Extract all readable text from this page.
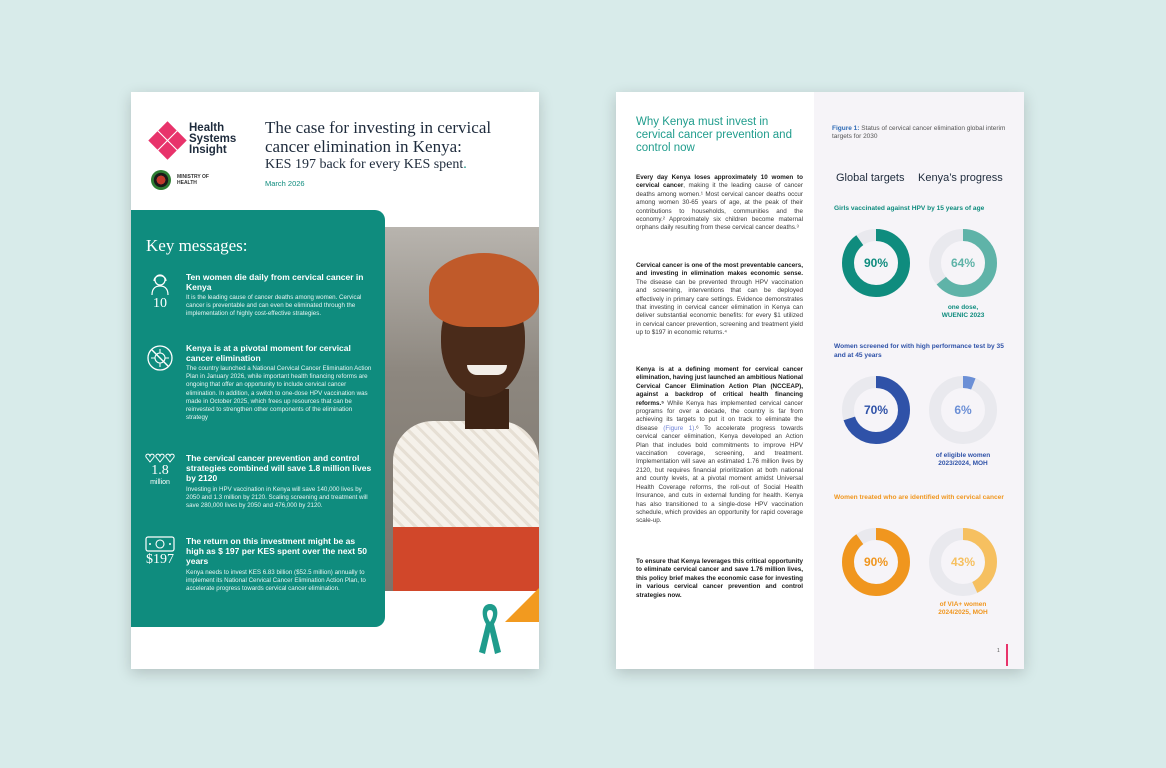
Health
Systems
Insight
MINISTRY OF
HEALTH
The case for investing in cervical cancer elimination in Kenya:
KES 197 back for every KES spent.
March 2026
Key messages:
10
Ten women die daily from cervical cancer in Kenya
It is the leading cause of cancer deaths among women. Cervical cancer is preventable and can even be eliminated through the implementation of highly cost-effective strategies.
Kenya is at a pivotal moment for cervical cancer elimination
The country launched a National Cervical Cancer Elimination Action Plan in January 2026, while important health financing reforms are ongoing that offer an opportunity to include cervical cancer elimination. In addition, a switch to one-dose HPV vaccination was made in October 2025, which frees up resources that can be reinvested to strengthen other components of the elimination strategy
1.8
million
The cervical cancer prevention and control strategies combined will save 1.8 million lives by 2120
Investing in HPV vaccination in Kenya will save 140,000 lives by 2050 and 1.3 million by 2120. Scaling screening and treatment will save 280,000 lives by 2050 and 476,000 by 2120.
$197
The return on this investment might be as high as $ 197 per KES spent over the next 50 years
Kenya needs to invest KES 6.83 billion ($52.5 million) annually to implement its National Cervical Cancer Elimination Action Plan, to accelerate progress towards cervical cancer elimination.
Why Kenya must invest in cervical cancer prevention and control now
Every day Kenya loses approximately 10 women to cervical cancer, making it the leading cause of cancer deaths among women.¹ Most cervical cancer deaths occur among women 30-65 years of age, at the peak of their contributions to households, communities and the economy.² Approximately six children become maternal orphans daily resulting from these cervical cancer deaths.³
Cervical cancer is one of the most preventable cancers, and investing in elimination makes economic sense. The disease can be prevented through HPV vaccination and screening, interventions that can be deployed effectively in primary care settings. Evidence demonstrates that investing in cervical cancer elimination in Kenya can deliver substantial economic benefits: for every $1 utilized in cervical cancer prevention, screening and treatment yield up to $197 in economic returns.⁴
Kenya is at a defining moment for cervical cancer elimination, having just launched an ambitious National Cervical Cancer Elimination Action Plan (NCCEAP), against a backdrop of critical health financing reforms.⁵ While Kenya has implemented cervical cancer programs for over a decade, the country is far from achieving its targets to put it on track to eliminate the disease (Figure 1).⁶ To accelerate progress towards cervical cancer elimination, Kenya developed an Action Plan that includes bold commitments to improve HPV vaccination coverage, screening, and treatment. Implementation will save an estimated 1.76 million lives by 2120, but requires financial prioritization at both national and county levels, at a pivotal moment amidst Universal Health Coverage reforms, the roll-out of Social Health Insurance, and cuts in external funding for health. Kenya has also transitioned to a single-dose HPV vaccination schedule, which provides an opportunity for rapid coverage scale-up.
To ensure that Kenya leverages this critical opportunity to eliminate cervical cancer and save 1.76 million lives, this policy brief makes the economic case for investing in various cervical cancer prevention and control strategies now.
Figure 1: Status of cervical cancer elimination global interim targets for 2030
Global targets Kenya’s progress
Girls vaccinated against HPV by 15 years of age
90%	64%
one dose,
WUENIC 2023
Women screened for with high performance test by 35 and at 45 years
70%	6%
of eligible women
2023/2024, MOH
Women treated who are identified with cervical cancer
90%	43%
of VIA+ women
2024/2025, MOH
1
